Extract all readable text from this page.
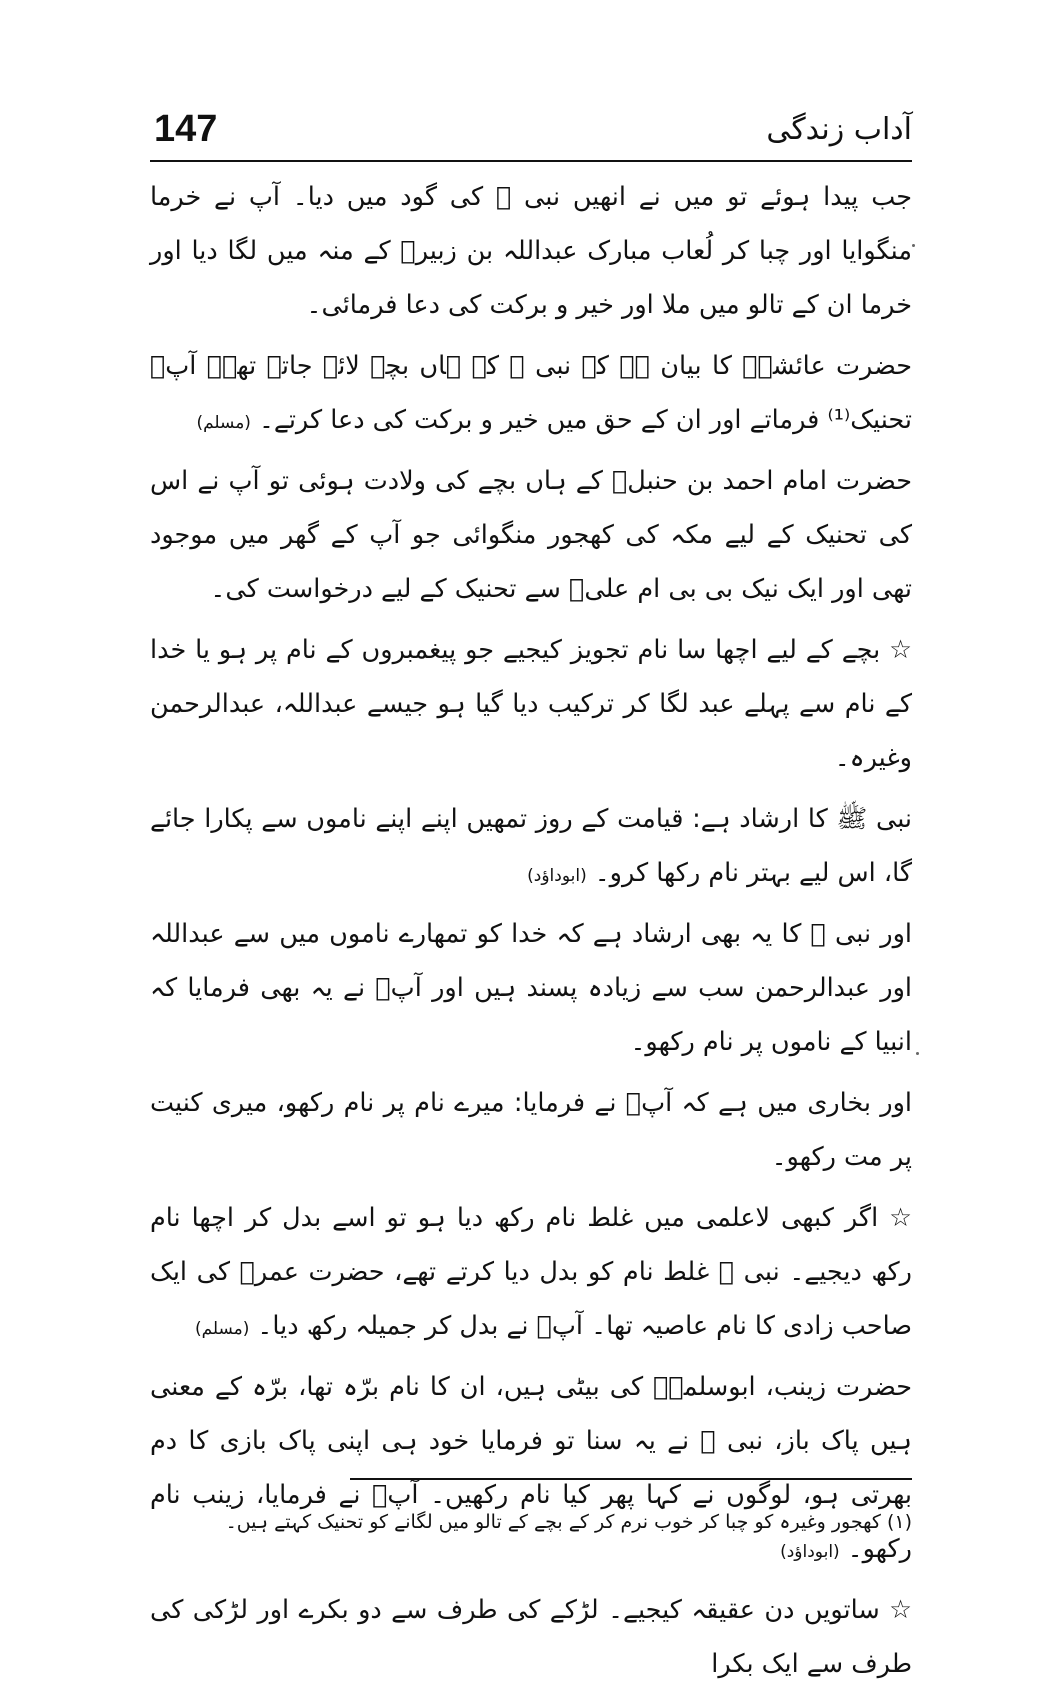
147	آداب زندگی

جب پیدا ہوئے تو میں نے انھیں نبی ﷺ کی گود میں دیا۔ آپ نے خرما منگوایا اور چبا کر لُعاب مبارک عبداللہ بن زبیرؓ کے منہ میں لگا دیا اور خرما ان کے تالو میں ملا اور خیر و برکت کی دعا فرمائی۔

حضرت عائشہؓ کا بیان ہے کہ نبی ﷺ کے ہاں بچے لائے جاتے تھے۔ آپؐ تحنیک⁽¹⁾ فرماتے اور ان کے حق میں خیر و برکت کی دعا کرتے۔(مسلم)

حضرت امام احمد بن حنبلؒ کے ہاں بچے کی ولادت ہوئی تو آپ نے اس کی تحنیک کے لیے مکہ کی کھجور منگوائی جو آپ کے گھر میں موجود تھی اور ایک نیک بی بی ام علیؒ سے تحنیک کے لیے درخواست کی۔

☆ بچے کے لیے اچھا سا نام تجویز کیجیے جو پیغمبروں کے نام پر ہو یا خدا کے نام سے پہلے عبد لگا کر ترکیب دیا گیا ہو جیسے عبداللہ، عبدالرحمن وغیرہ۔

نبی ﷺ کا ارشاد ہے: قیامت کے روز تمھیں اپنے اپنے ناموں سے پکارا جائے گا، اس لیے بہتر نام رکھا کرو۔(ابوداؤد)

اور نبی ﷺ کا یہ بھی ارشاد ہے کہ خدا کو تمھارے ناموں میں سے عبداللہ اور عبدالرحمن سب سے زیادہ پسند ہیں اور آپؐ نے یہ بھی فرمایا کہ انبیا کے ناموں پر نام رکھو۔

اور بخاری میں ہے کہ آپؐ نے فرمایا: میرے نام پر نام رکھو، میری کنیت پر مت رکھو۔

☆ اگر کبھی لاعلمی میں غلط نام رکھ دیا ہو تو اسے بدل کر اچھا نام رکھ دیجیے۔ نبی ﷺ غلط نام کو بدل دیا کرتے تھے، حضرت عمرؓ کی ایک صاحب زادی کا نام عاصیہ تھا۔ آپؐ نے بدل کر جمیلہ رکھ دیا۔(مسلم)

حضرت زینب، ابوسلمہؓ کی بیٹی ہیں، ان کا نام برّہ تھا، برّہ کے معنی ہیں پاک باز، نبی ﷺ نے یہ سنا تو فرمایا خود ہی اپنی پاک بازی کا دم بھرتی ہو، لوگوں نے کہا پھر کیا نام رکھیں۔ آپؐ نے فرمایا، زینب نام رکھو۔(ابوداؤد)

☆ ساتویں دن عقیقہ کیجیے۔ لڑکے کی طرف سے دو بکرے اور لڑکی کی طرف سے ایک بکرا

(۱) کھجور وغیرہ کو چبا کر خوب نرم کر کے بچے کے تالو میں لگانے کو تحنیک کہتے ہیں۔
